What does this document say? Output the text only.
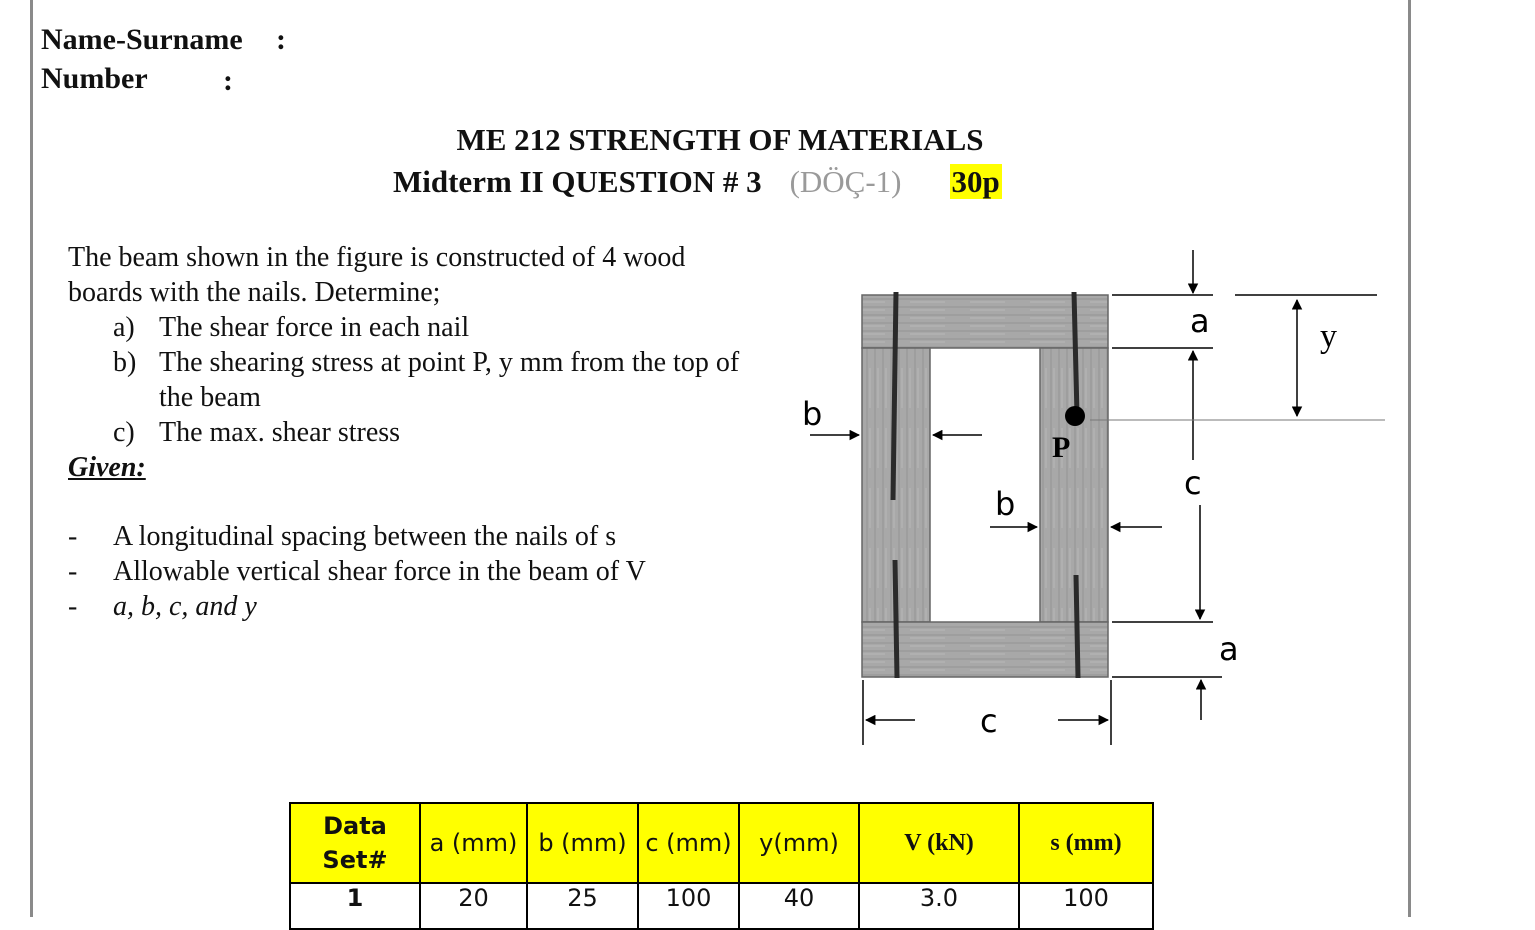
Name-Surname :
Number	:
ME 212 STRENGTH OF MATERIALS
Midterm II QUESTION # 3 (DÖÇ-1) 30p
The beam shown in the figure is constructed of 4 wood boards with the nails. Determine;
a) The shear force in each nail
b) The shearing stress at point P, y mm from the top of the beam
c) The max. shear stress
Given:
- A longitudinal spacing between the nails of s
- Allowable vertical shear force in the beam of V
- a, b, c, and y
P
a
c
a
y
b
b
c
Data Set#	a (mm)	b (mm)	c (mm)	y(mm)	V (kN)	s (mm)
1	20	25	100	40	3.0	100
